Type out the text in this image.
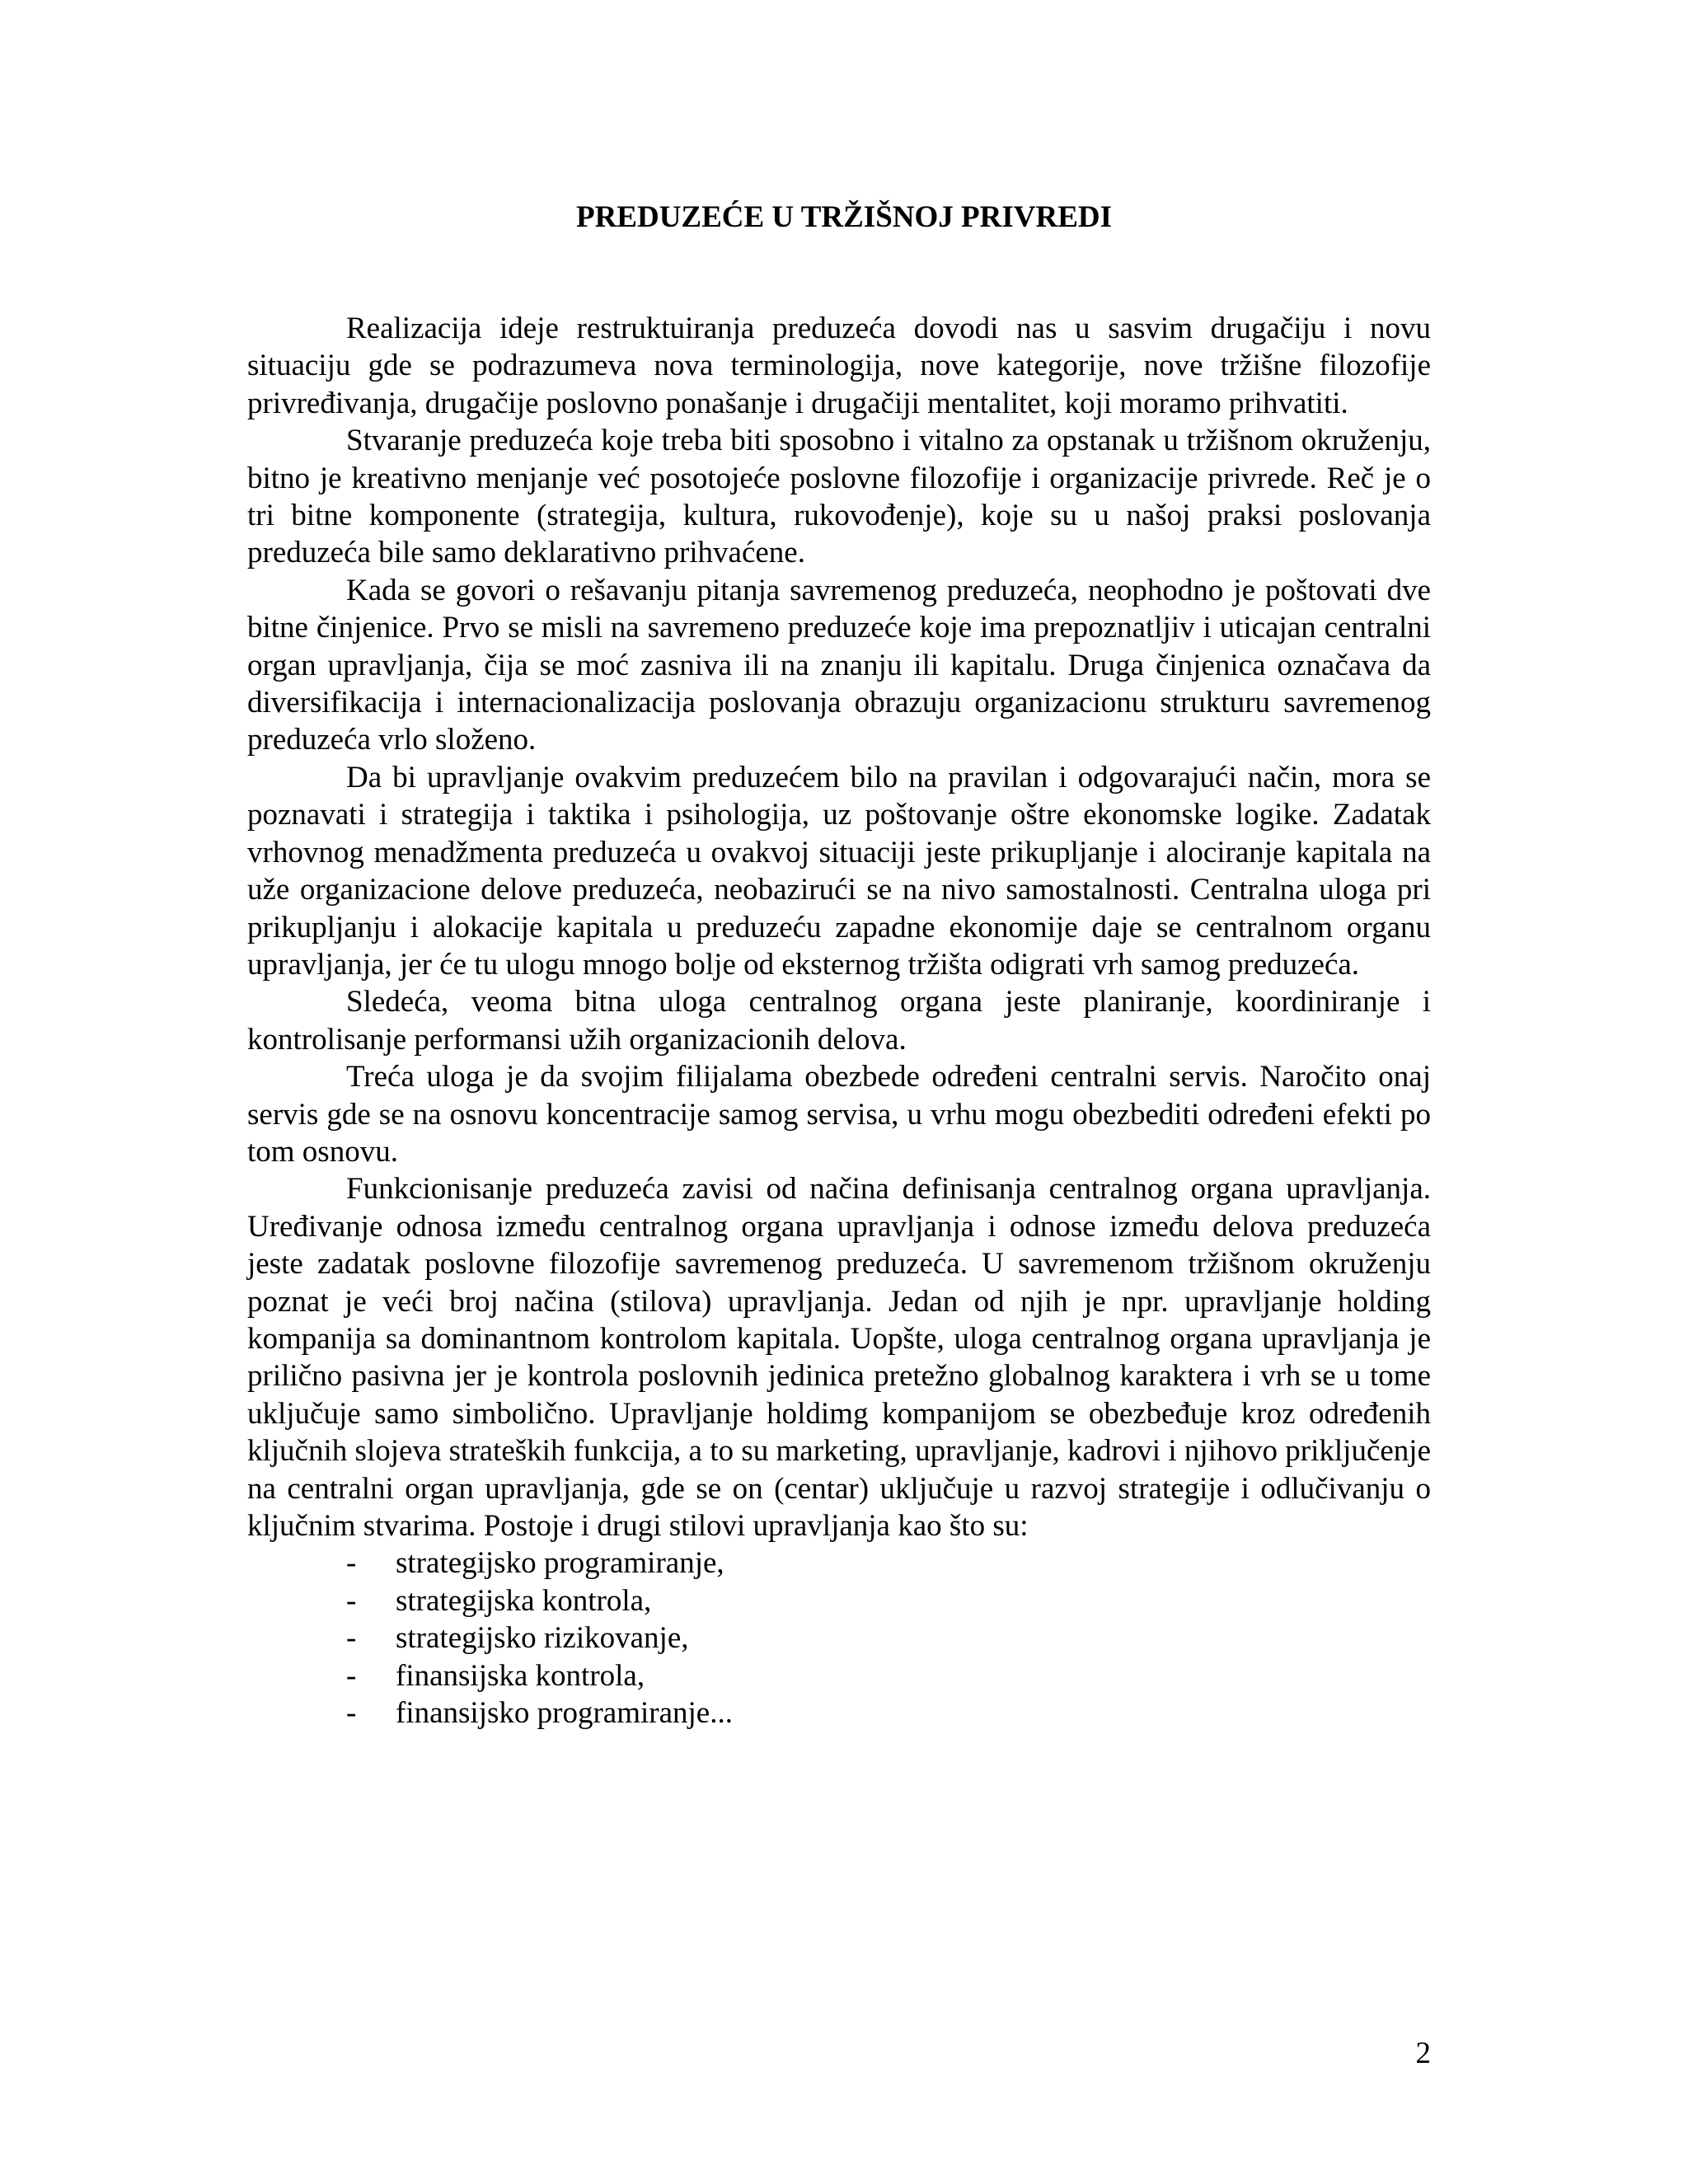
PREDUZEĆE U TRŽIŠNOJ PRIVREDI

Realizacija ideje restruktuiranja preduzeća dovodi nas u sasvim drugačiju i novu situaciju gde se podrazumeva nova terminologija, nove kategorije, nove tržišne filozofije privređivanja, drugačije poslovno ponašanje i drugačiji mentalitet, koji moramo prihvatiti.

Stvaranje preduzeća koje treba biti sposobno i vitalno za opstanak u tržišnom okruženju, bitno je kreativno menjanje već posotojeće poslovne filozofije i organizacije privrede. Reč je o tri bitne komponente (strategija, kultura, rukovođenje), koje su u našoj praksi poslovanja preduzeća bile samo deklarativno prihvaćene.

Kada se govori o rešavanju pitanja savremenog preduzeća, neophodno je poštovati dve bitne činjenice. Prvo se misli na savremeno preduzeće koje ima prepoznatljiv i uticajan centralni organ upravljanja, čija se moć zasniva ili na znanju ili kapitalu. Druga činjenica označava da diversifikacija i internacionalizacija poslovanja obrazuju organizacionu strukturu savremenog preduzeća vrlo složeno.

Da bi upravljanje ovakvim preduzećem bilo na pravilan i odgovarajući način, mora se poznavati i strategija i taktika i psihologija, uz poštovanje oštre ekonomske logike. Zadatak vrhovnog menadžmenta preduzeća u ovakvoj situaciji jeste prikupljanje i alociranje kapitala na uže organizacione delove preduzeća, neobazirući se na nivo samostalnosti. Centralna uloga pri prikupljanju i alokacije kapitala u preduzeću zapadne ekonomije daje se centralnom organu upravljanja, jer će tu ulogu mnogo bolje od eksternog tržišta odigrati vrh samog preduzeća.

Sledeća, veoma bitna uloga centralnog organa jeste planiranje, koordiniranje i kontrolisanje performansi užih organizacionih delova.

Treća uloga je da svojim filijalama obezbede određeni centralni servis. Naročito onaj servis gde se na osnovu koncentracije samog servisa, u vrhu mogu obezbediti određeni efekti po tom osnovu.

Funkcionisanje preduzeća zavisi od načina definisanja centralnog organa upravljanja. Uređivanje odnosa između centralnog organa upravljanja i odnose između delova preduzeća jeste zadatak poslovne filozofije savremenog preduzeća. U savremenom tržišnom okruženju poznat je veći broj načina (stilova) upravljanja. Jedan od njih je npr. upravljanje holding kompanija sa dominantnom kontrolom kapitala. Uopšte, uloga centralnog organa upravljanja je prilično pasivna jer je kontrola poslovnih jedinica pretežno globalnog karaktera i vrh se u tome uključuje samo simbolično. Upravljanje holdimg kompanijom se obezbeđuje kroz određenih ključnih slojeva strateških funkcija, a to su marketing, upravljanje, kadrovi i njihovo priključenje na centralni organ upravljanja, gde se on (centar) uključuje u razvoj strategije i odlučivanju o ključnim stvarima. Postoje i drugi stilovi upravljanja kao što su:

- strategijsko programiranje,
- strategijska kontrola,
- strategijsko rizikovanje,
- finansijska kontrola,
- finansijsko programiranje...
2
